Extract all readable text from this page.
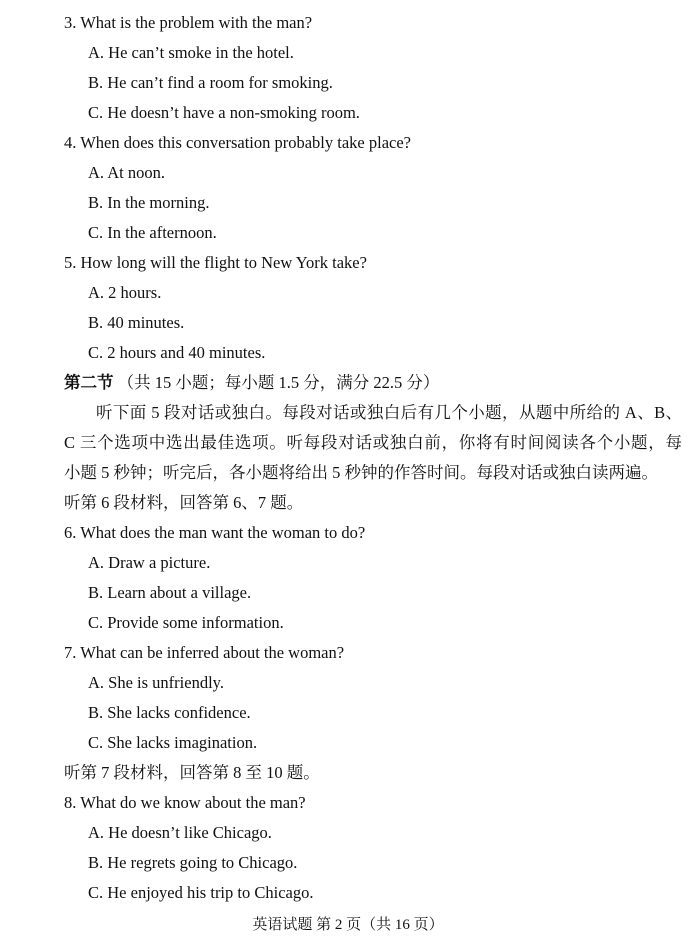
3. What is the problem with the man?
A. He can’t smoke in the hotel.
B. He can’t find a room for smoking.
C. He doesn’t have a non-smoking room.
4. When does this conversation probably take place?
A. At noon.
B. In the morning.
C. In the afternoon.
5. How long will the flight to New York take?
A. 2 hours.
B. 40 minutes.
C. 2 hours and 40 minutes.
第二节 （共 15 小题；每小题 1.5 分，满分 22.5 分）
听下面 5 段对话或独白。每段对话或独白后有几个小题，从题中所给的 A、B、
C 三个选项中选出最佳选项。听每段对话或独白前，你将有时间阅读各个小题，每
小题 5 秒钟；听完后，各小题将给出 5 秒钟的作答时间。每段对话或独白读两遍。
听第 6 段材料，回答第 6、7 题。
6. What does the man want the woman to do?
A. Draw a picture.
B. Learn about a village.
C. Provide some information.
7. What can be inferred about the woman?
A. She is unfriendly.
B. She lacks confidence.
C. She lacks imagination.
听第 7 段材料，回答第 8 至 10 题。
8. What do we know about the man?
A. He doesn’t like Chicago.
B. He regrets going to Chicago.
C. He enjoyed his trip to Chicago.
英语试题 第 2 页（共 16 页）
